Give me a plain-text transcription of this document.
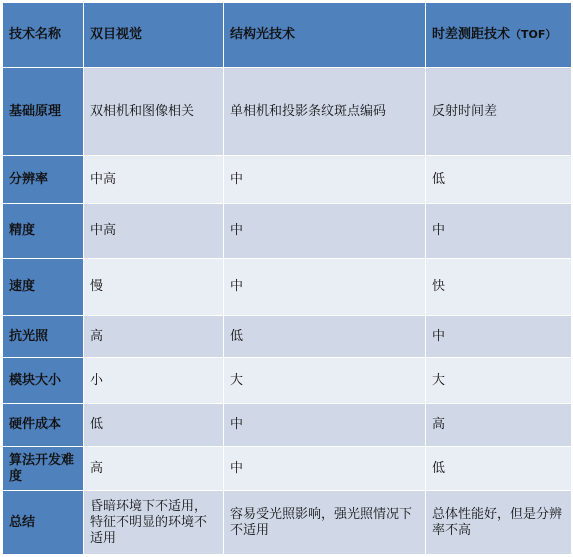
技术名称	双目视觉	结构光技术	时差测距技术（TOF）
基础原理	双相机和图像相关	单相机和投影条纹斑点编码	反射时间差
分辨率	中高	中	低
精度	中高	中	中
速度	慢	中	快
抗光照	高	低	中
模块大小	小	大	大
硬件成本	低	中	高
算法开发难度	高	中	低
总结	昏暗环境下不适用，特征不明显的环境不适用	容易受光照影响，强光照情况下不适用	总体性能好，但是分辨率不高
